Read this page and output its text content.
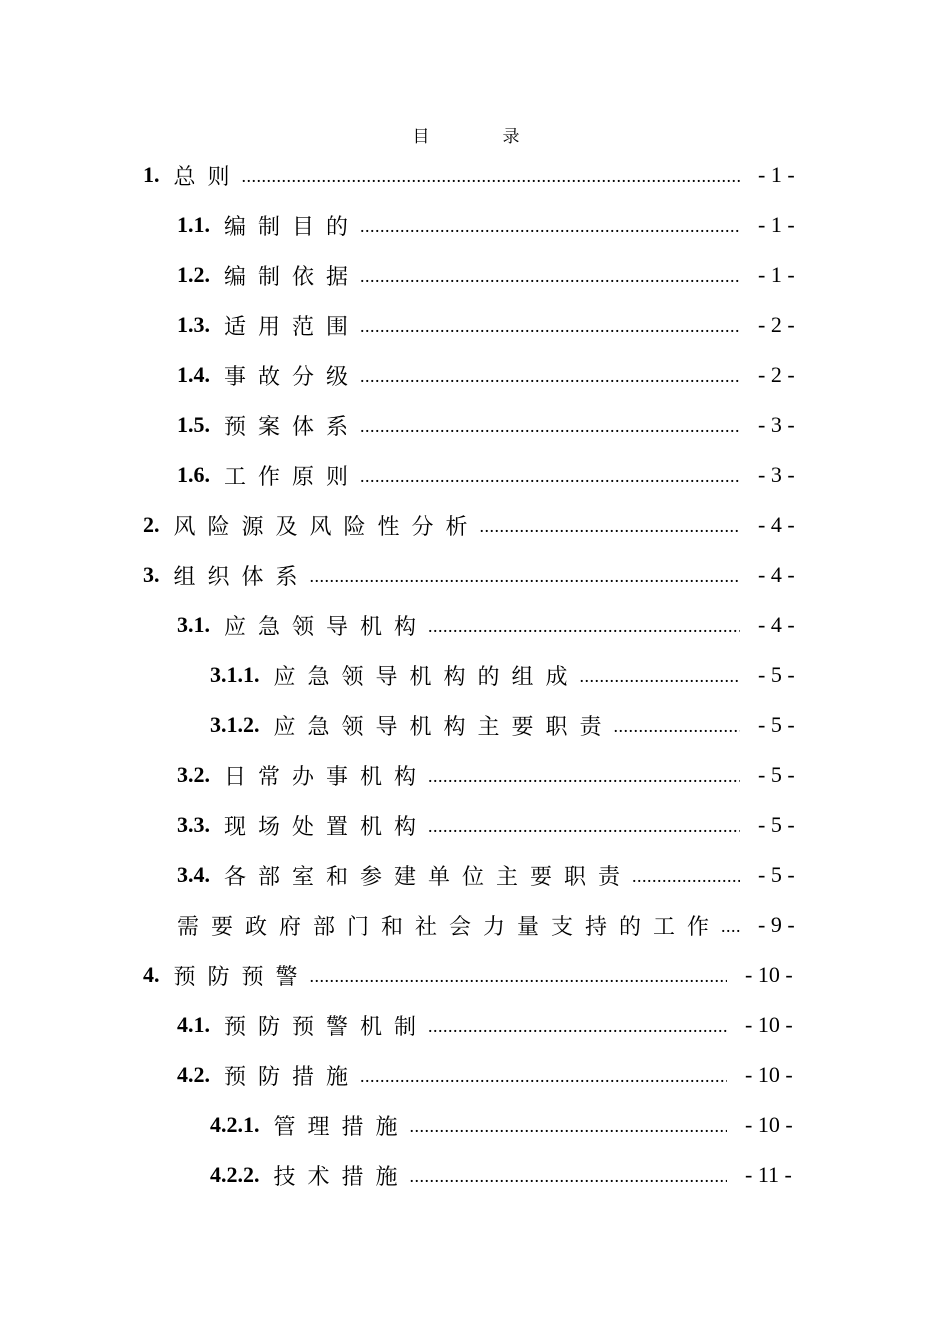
目　录
1. 总则 .....	- 1 -
1.1. 编制目的 .....	- 1 -
1.2. 编制依据 .....	- 1 -
1.3. 适用范围 .....	- 2 -
1.4. 事故分级 .....	- 2 -
1.5. 预案体系 .....	- 3 -
1.6. 工作原则 .....	- 3 -
2. 风险源及风险性分析 .....	- 4 -
3. 组织体系 .....	- 4 -
3.1. 应急领导机构 .....	- 4 -
3.1.1. 应急领导机构的组成 .....	- 5 -
3.1.2. 应急领导机构主要职责 .....	- 5 -
3.2. 日常办事机构 .....	- 5 -
3.3. 现场处置机构 .....	- 5 -
3.4. 各部室和参建单位主要职责 .....	- 5 -
需要政府部门和社会力量支持的工作 ..... - 9 -
4. 预防预警 .....	- 10 -
4.1. 预防预警机制 .....	- 10 -
4.2. 预防措施 .....	- 10 -
4.2.1. 管理措施 .....	- 10 -
4.2.2. 技术措施 .....	- 11 -
